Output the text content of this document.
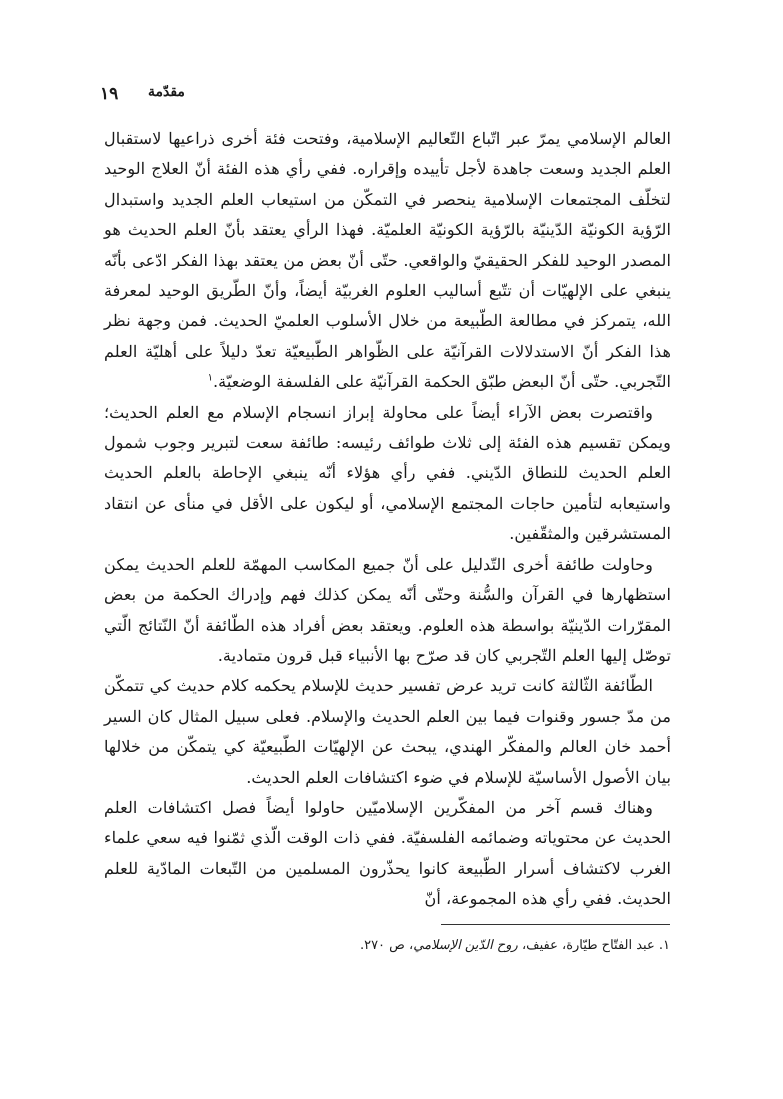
١٩ مقدّمة

العالم الإسلامي يمرّ عبر اتّباع التّعاليم الإسلامية، وفتحت فئة أخرى ذراعيها لاستقبال العلم الجديد وسعت جاهدة لأجل تأييده وإقراره. ففي رأي هذه الفئة أنّ العلاج الوحيد لتخلّف المجتمعات الإسلامية ينحصر في التمكّن من استيعاب العلم الجديد واستبدال الرّؤية الكونيّة الدّينيّة بالرّؤية الكونيّة العلميّة. فهذا الرأي يعتقد بأنّ العلم الحديث هو المصدر الوحيد للفكر الحقيقيّ والواقعي. حتّى أنّ بعض من يعتقد بهذا الفكر ادّعى بأنّه ينبغي على الإلهيّات أن تتّبع أساليب العلوم الغربيّة أيضاً، وأنّ الطّريق الوحيد لمعرفة الله، يتمركز في مطالعة الطّبيعة من خلال الأسلوب العلميّ الحديث. فمن وجهة نظر هذا الفكر أنّ الاستدلالات القرآنيّة على الظّواهر الطّبيعيّة تعدّ دليلاً على أهليّة العلم التّجربي. حتّى أنّ البعض طبّق الحكمة القرآنيّة على الفلسفة الوضعيّة.$^١$

واقتصرت بعض الآراء أيضاً على محاولة إبراز انسجام الإسلام مع العلم الحديث؛ ويمكن تقسيم هذه الفئة إلى ثلاث طوائف رئيسه: طائفة سعت لتبرير وجوب شمول العلم الحديث للنطاق الدّيني. ففي رأي هؤلاء أنّه ينبغي الإحاطة بالعلم الحديث واستيعابه لتأمين حاجات المجتمع الإسلامي، أو ليكون على الأقل في منأى عن انتقاد المستشرقين والمثقّفين.

وحاولت طائفة أخرى التّدليل على أنّ جميع المكاسب المهمّة للعلم الحديث يمكن استظهارها في القرآن والسُّنة وحتّى أنّه يمكن كذلك فهم وإدراك الحكمة من بعض المقرّرات الدّينيّة بواسطة هذه العلوم. ويعتقد بعض أفراد هذه الطّائفة أنّ النّتائج الّتي توصّل إليها العلم التّجربي كان قد صرّح بها الأنبياء قبل قرون متمادية.

الطّائفة الثّالثة كانت تريد عرض تفسير حديث للإسلام يحكمه كلام حديث كي تتمكّن من مدّ جسور وقنوات فيما بين العلم الحديث والإسلام. فعلى سبيل المثال كان السير أحمد خان العالم والمفكّر الهندي، يبحث عن الإلهيّات الطّبيعيّة كي يتمكّن من خلالها بيان الأصول الأساسيّة للإسلام في ضوء اكتشافات العلم الحديث.

وهناك قسم آخر من المفكّرين الإسلاميّين حاولوا أيضاً فصل اكتشافات العلم الحديث عن محتوياته وضمائمه الفلسفيّة. ففي ذات الوقت الّذي ثمّنوا فيه سعي علماء الغرب لاكتشاف أسرار الطّبيعة كانوا يحذّرون المسلمين من التّبعات المادّية للعلم الحديث. ففي رأي هذه المجموعة، أنّ

١. عبد الفتّاح طيّارة، عفيف، روح الدّين الإسلامي، ص ٢٧٠.
